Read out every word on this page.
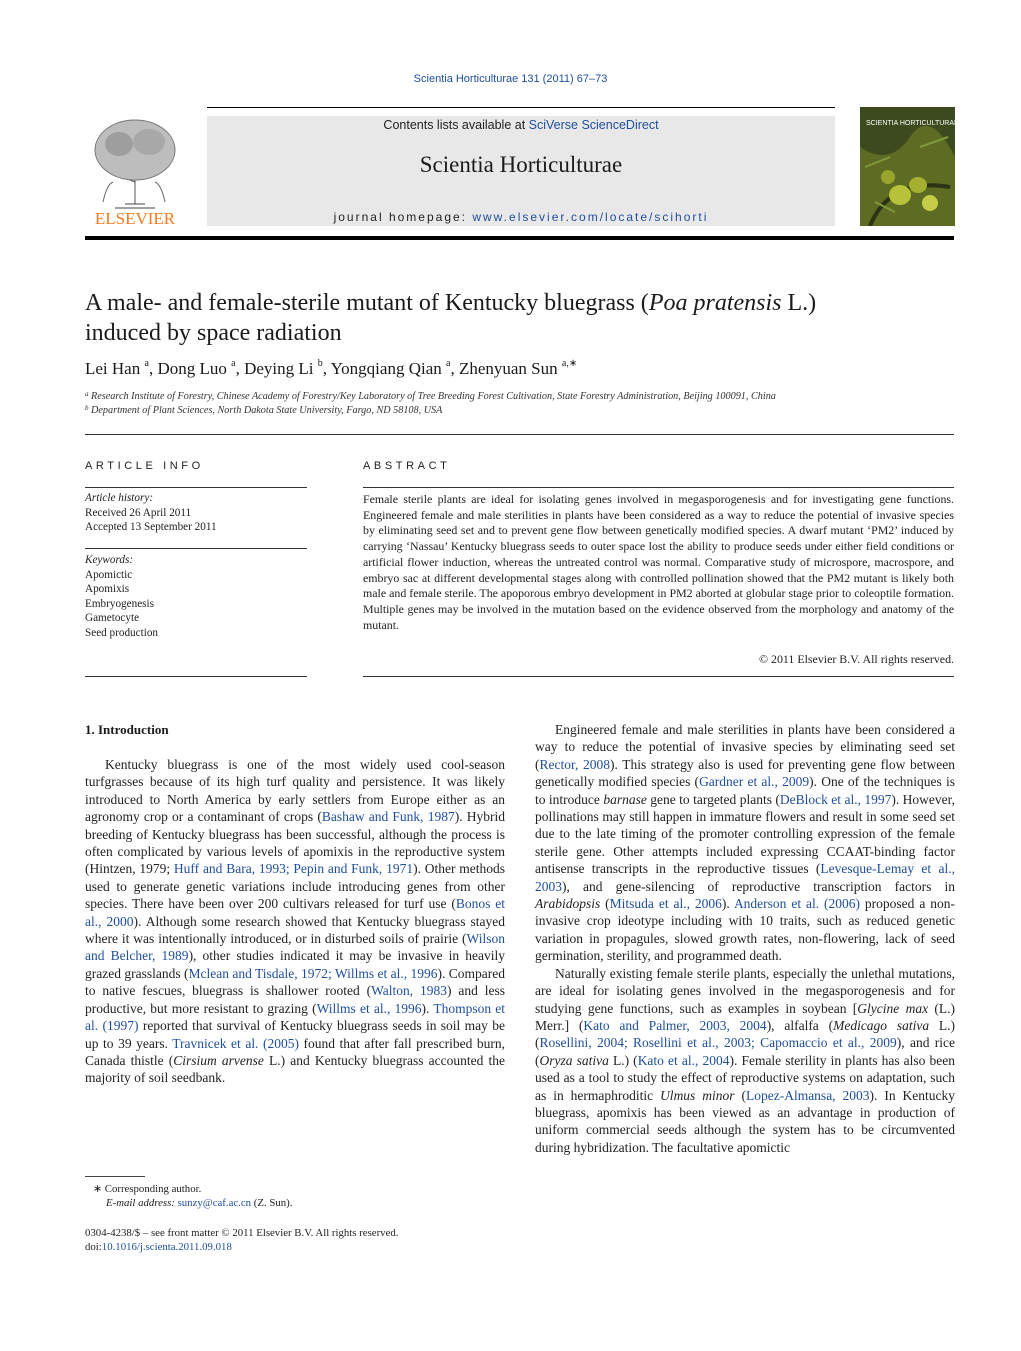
Scientia Horticulturae 131 (2011) 67–73
ELSEVIER
Contents lists available at SciVerse ScienceDirect
Scientia Horticulturae
journal homepage: www.elsevier.com/locate/scihorti
SCIENTIA HORTICULTURAE
A male- and female-sterile mutant of Kentucky bluegrass (Poa pratensis L.)
induced by space radiation
Lei Han $^a$, Dong Luo $^a$, Deying Li $^b$, Yongqiang Qian $^a$, Zhenyuan Sun $^{a,∗}$
$^a$ Research Institute of Forestry, Chinese Academy of Forestry/Key Laboratory of Tree Breeding Forest Cultivation, State Forestry Administration, Beijing 100091, China
$^b$ Department of Plant Sciences, North Dakota State University, Fargo, ND 58108, USA
ARTICLE INFO
Article history:
Received 26 April 2011
Accepted 13 September 2011
Keywords:
Apomictic
Apomixis
Embryogenesis
Gametocyte
Seed production
ABSTRACT
Female sterile plants are ideal for isolating genes involved in megasporogenesis and for investigating gene functions. Engineered female and male sterilities in plants have been considered as a way to reduce the potential of invasive species by eliminating seed set and to prevent gene flow between genetically modified species. A dwarf mutant ‘PM2’ induced by carrying ‘Nassau’ Kentucky bluegrass seeds to outer space lost the ability to produce seeds under either field conditions or artificial flower induction, whereas the untreated control was normal. Comparative study of microspore, macrospore, and embryo sac at different developmental stages along with controlled pollination showed that the PM2 mutant is likely both male and female sterile. The apoporous embryo development in PM2 aborted at globular stage prior to coleoptile formation. Multiple genes may be involved in the mutation based on the evidence observed from the morphology and anatomy of the mutant.
© 2011 Elsevier B.V. All rights reserved.
1. Introduction

Kentucky bluegrass is one of the most widely used cool-season turfgrasses because of its high turf quality and persistence. It was likely introduced to North America by early settlers from Europe either as an agronomy crop or a contaminant of crops (Bashaw and Funk, 1987). Hybrid breeding of Kentucky bluegrass has been successful, although the process is often complicated by various levels of apomixis in the reproductive system (Hintzen, 1979; Huff and Bara, 1993; Pepin and Funk, 1971). Other methods used to generate genetic variations include introducing genes from other species. There have been over 200 cultivars released for turf use (Bonos et al., 2000). Although some research showed that Kentucky bluegrass stayed where it was intentionally introduced, or in disturbed soils of prairie (Wilson and Belcher, 1989), other studies indicated it may be invasive in heavily grazed grasslands (Mclean and Tisdale, 1972; Willms et al., 1996). Compared to native fescues, bluegrass is shallower rooted (Walton, 1983) and less productive, but more resistant to grazing (Willms et al., 1996). Thompson et al. (1997) reported that survival of Kentucky bluegrass seeds in soil may be up to 39 years. Travnicek et al. (2005) found that after fall prescribed burn, Canada thistle (Cirsium arvense L.) and Kentucky bluegrass accounted the majority of soil seedbank.

Engineered female and male sterilities in plants have been considered a way to reduce the potential of invasive species by eliminating seed set (Rector, 2008). This strategy also is used for preventing gene flow between genetically modified species (Gardner et al., 2009). One of the techniques is to introduce barnase gene to targeted plants (DeBlock et al., 1997). However, pollinations may still happen in immature flowers and result in some seed set due to the late timing of the promoter controlling expression of the female sterile gene. Other attempts included expressing CCAAT-binding factor antisense transcripts in the reproductive tissues (Levesque-Lemay et al., 2003), and gene-silencing of reproductive transcription factors in Arabidopsis (Mitsuda et al., 2006). Anderson et al. (2006) proposed a non-invasive crop ideotype including with 10 traits, such as reduced genetic variation in propagules, slowed growth rates, non-flowering, lack of seed germination, sterility, and programmed death.

Naturally existing female sterile plants, especially the unlethal mutations, are ideal for isolating genes involved in the megasporogenesis and for studying gene functions, such as examples in soybean [Glycine max (L.) Merr.] (Kato and Palmer, 2003, 2004), alfalfa (Medicago sativa L.) (Rosellini, 2004; Rosellini et al., 2003; Capomaccio et al., 2009), and rice (Oryza sativa L.) (Kato et al., 2004). Female sterility in plants has also been used as a tool to study the effect of reproductive systems on adaptation, such as in hermaphroditic Ulmus minor (Lopez-Almansa, 2003). In Kentucky bluegrass, apomixis has been viewed as an advantage in production of uniform commercial seeds although the system has to be circumvented during hybridization. The facultative apomictic

∗ Corresponding author.
E-mail address: sunzy@caf.ac.cn (Z. Sun).
0304-4238/$ – see front matter © 2011 Elsevier B.V. All rights reserved.
doi:10.1016/j.scienta.2011.09.018
